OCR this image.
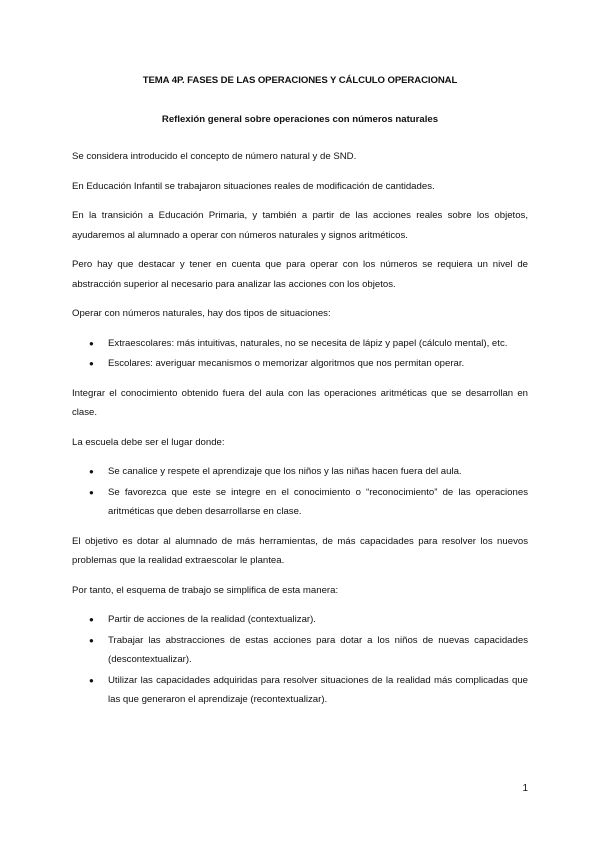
TEMA 4P. FASES DE LAS OPERACIONES Y CÁLCULO OPERACIONAL
Reflexión general sobre operaciones con números naturales

Se considera introducido el concepto de número natural y de SND.

En Educación Infantil se trabajaron situaciones reales de modificación de cantidades.

En la transición a Educación Primaria, y también a partir de las acciones reales sobre los objetos, ayudaremos al alumnado a operar con números naturales y signos aritméticos.

Pero hay que destacar y tener en cuenta que para operar con los números se requiera un nivel de abstracción superior al necesario para analizar las acciones con los objetos.

Operar con números naturales, hay dos tipos de situaciones:

● Extraescolares: más intuitivas, naturales, no se necesita de lápiz y papel (cálculo mental), etc.
● Escolares: averiguar mecanismos o memorizar algoritmos que nos permitan operar.

Integrar el conocimiento obtenido fuera del aula con las operaciones aritméticas que se desarrollan en clase.

La escuela debe ser el lugar donde:

● Se canalice y respete el aprendizaje que los niños y las niñas hacen fuera del aula.
● Se favorezca que este se integre en el conocimiento o “reconocimiento” de las operaciones aritméticas que deben desarrollarse en clase.

El objetivo es dotar al alumnado de más herramientas, de más capacidades para resolver los nuevos problemas que la realidad extraescolar le plantea.

Por tanto, el esquema de trabajo se simplifica de esta manera:

● Partir de acciones de la realidad (contextualizar).
● Trabajar las abstracciones de estas acciones para dotar a los niños de nuevas capacidades (descontextualizar).
● Utilizar las capacidades adquiridas para resolver situaciones de la realidad más complicadas que las que generaron el aprendizaje (recontextualizar).
1
